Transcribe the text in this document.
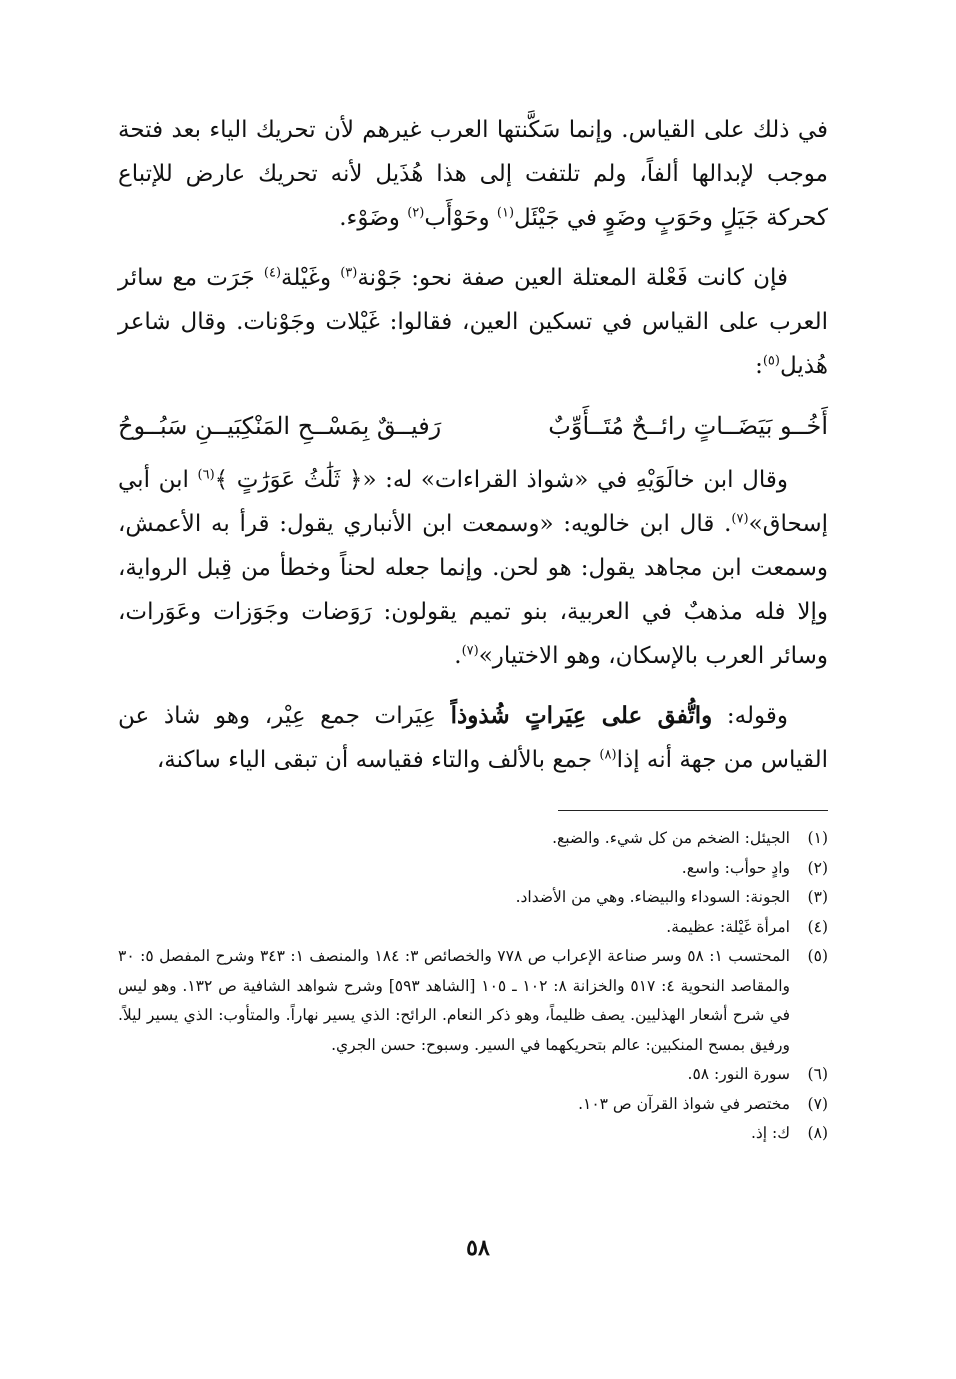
في ذلك على القياس. وإنما سَكَّنتها العرب غيرهم لأن تحريك الياء بعد فتحة موجب لإبدالها ألفاً، ولم تلتفت إلى هذا هُذَيل لأنه تحريك عارض للإتباع كحركة جَيَلٍ وحَوَبٍ وضَوٍ في جَيْئَل$^{(١)}$ وحَوْأَب$^{(٢)}$ وضَوْء.

فإن كانت فَعْلة المعتلة العين صفة نحو: جَوْنة$^{(٣)}$ وغَيْلة$^{(٤)}$ جَرَت مع سائر العرب على القياس في تسكين العين، فقالوا: غَيْلات وجَوْنات. وقال شاعر هُذيل$^{(٥)}$:

أَخُــو بَيَضَــاتٍ رائــحٌ مُتَــأَوِّبٌ
رَفيــقٌ بِمَسْــحِ المَنْكِبَيــنِ سَبُــوحُ

وقال ابن خالَوَيْهِ في «شواذ القراءات» له: «﴿ ثَلَٰثُ عَوَرَٰتٍ ﴾$^{(٦)}$ ابن أبي إسحاق»$^{(٧)}$. قال ابن خالويه: «وسمعت ابن الأنباري يقول: قرأ به الأعمش، وسمعت ابن مجاهد يقول: هو لحن. وإنما جعله لحناً وخطأ من قِبل الرواية، وإلا فله مذهبٌ في العربية، بنو تميم يقولون: رَوَضات وجَوَزات وعَوَرات، وسائر العرب بالإسكان، وهو الاختيار»$^{(٧)}$.

وقوله: واتُّفق على عِيَراتٍ شُذوذاً عِيَرات جمع عِيْر، وهو شاذ عن القياس من جهة أنه إذا$^{(٨)}$ جمع بالألف والتاء فقياسه أن تبقى الياء ساكنة،

(١)
الجيئل: الضخم من كل شيء. والضبع.

(٢)
وادٍ حوأب: واسع.

(٣)
الجونة: السوداء والبيضاء. وهي من الأضداد.

(٤)
امرأة غَيْلة: عظيمة.

(٥)
المحتسب ١: ٥٨ وسر صناعة الإعراب ص ٧٧٨ والخصائص ٣: ١٨٤ والمنصف ١: ٣٤٣ وشرح المفصل ٥: ٣٠ والمقاصد النحوية ٤: ٥١٧ والخزانة ٨: ١٠٢ ـ ١٠٥ [الشاهد ٥٩٣] وشرح شواهد الشافية ص ١٣٢. وهو ليس في شرح أشعار الهذليين. يصف ظليماً، وهو ذكر النعام. الرائح: الذي يسير نهاراً. والمتأوب: الذي يسير ليلاً. ورفيق بمسح المنكبين: عالم بتحريكهما في السير. وسبوح: حسن الجري.

(٦)
سورة النور: ٥٨.

(٧)
مختصر في شواذ القرآن ص ١٠٣.

(٨)
ك: إذ.

٥٨
